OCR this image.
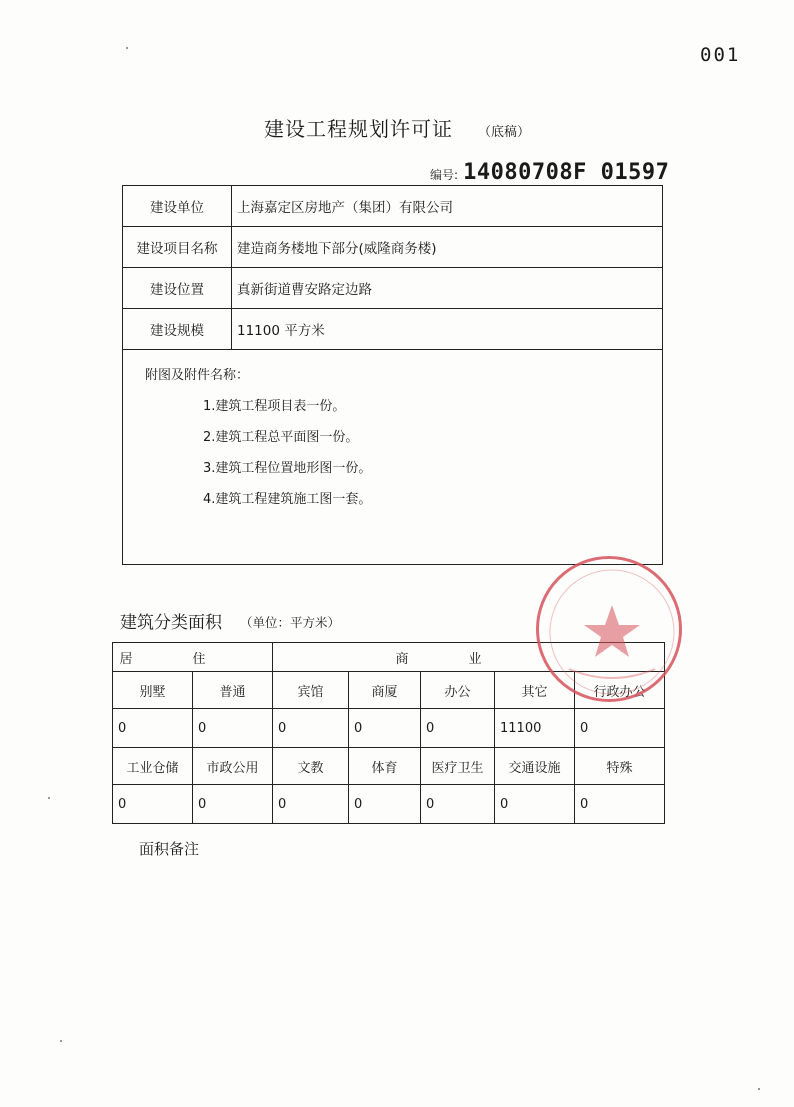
001
建设工程规划许可证 （底稿）
编号: 14080708F 01597
建设单位	上海嘉定区房地产（集团）有限公司
建设项目名称	建造商务楼地下部分(威隆商务楼)
建设位置	真新街道曹安路定边路
建设规模	11100 平方米

附图及附件名称：
1.建筑工程项目表一份。
2.建筑工程总平面图一份。
3.建筑工程位置地形图一份。
4.建筑工程建筑施工图一套。	
建筑分类面积 （单位：平方米）
居住		商业				
别墅	普通	宾馆	商厦	办公	其它	行政办公
0	0	0	0	0	11100	0
工业仓储	市政公用	文教	体育	医疗卫生	交通设施	特殊
0	0	0	0	0	0	0
面积备注
